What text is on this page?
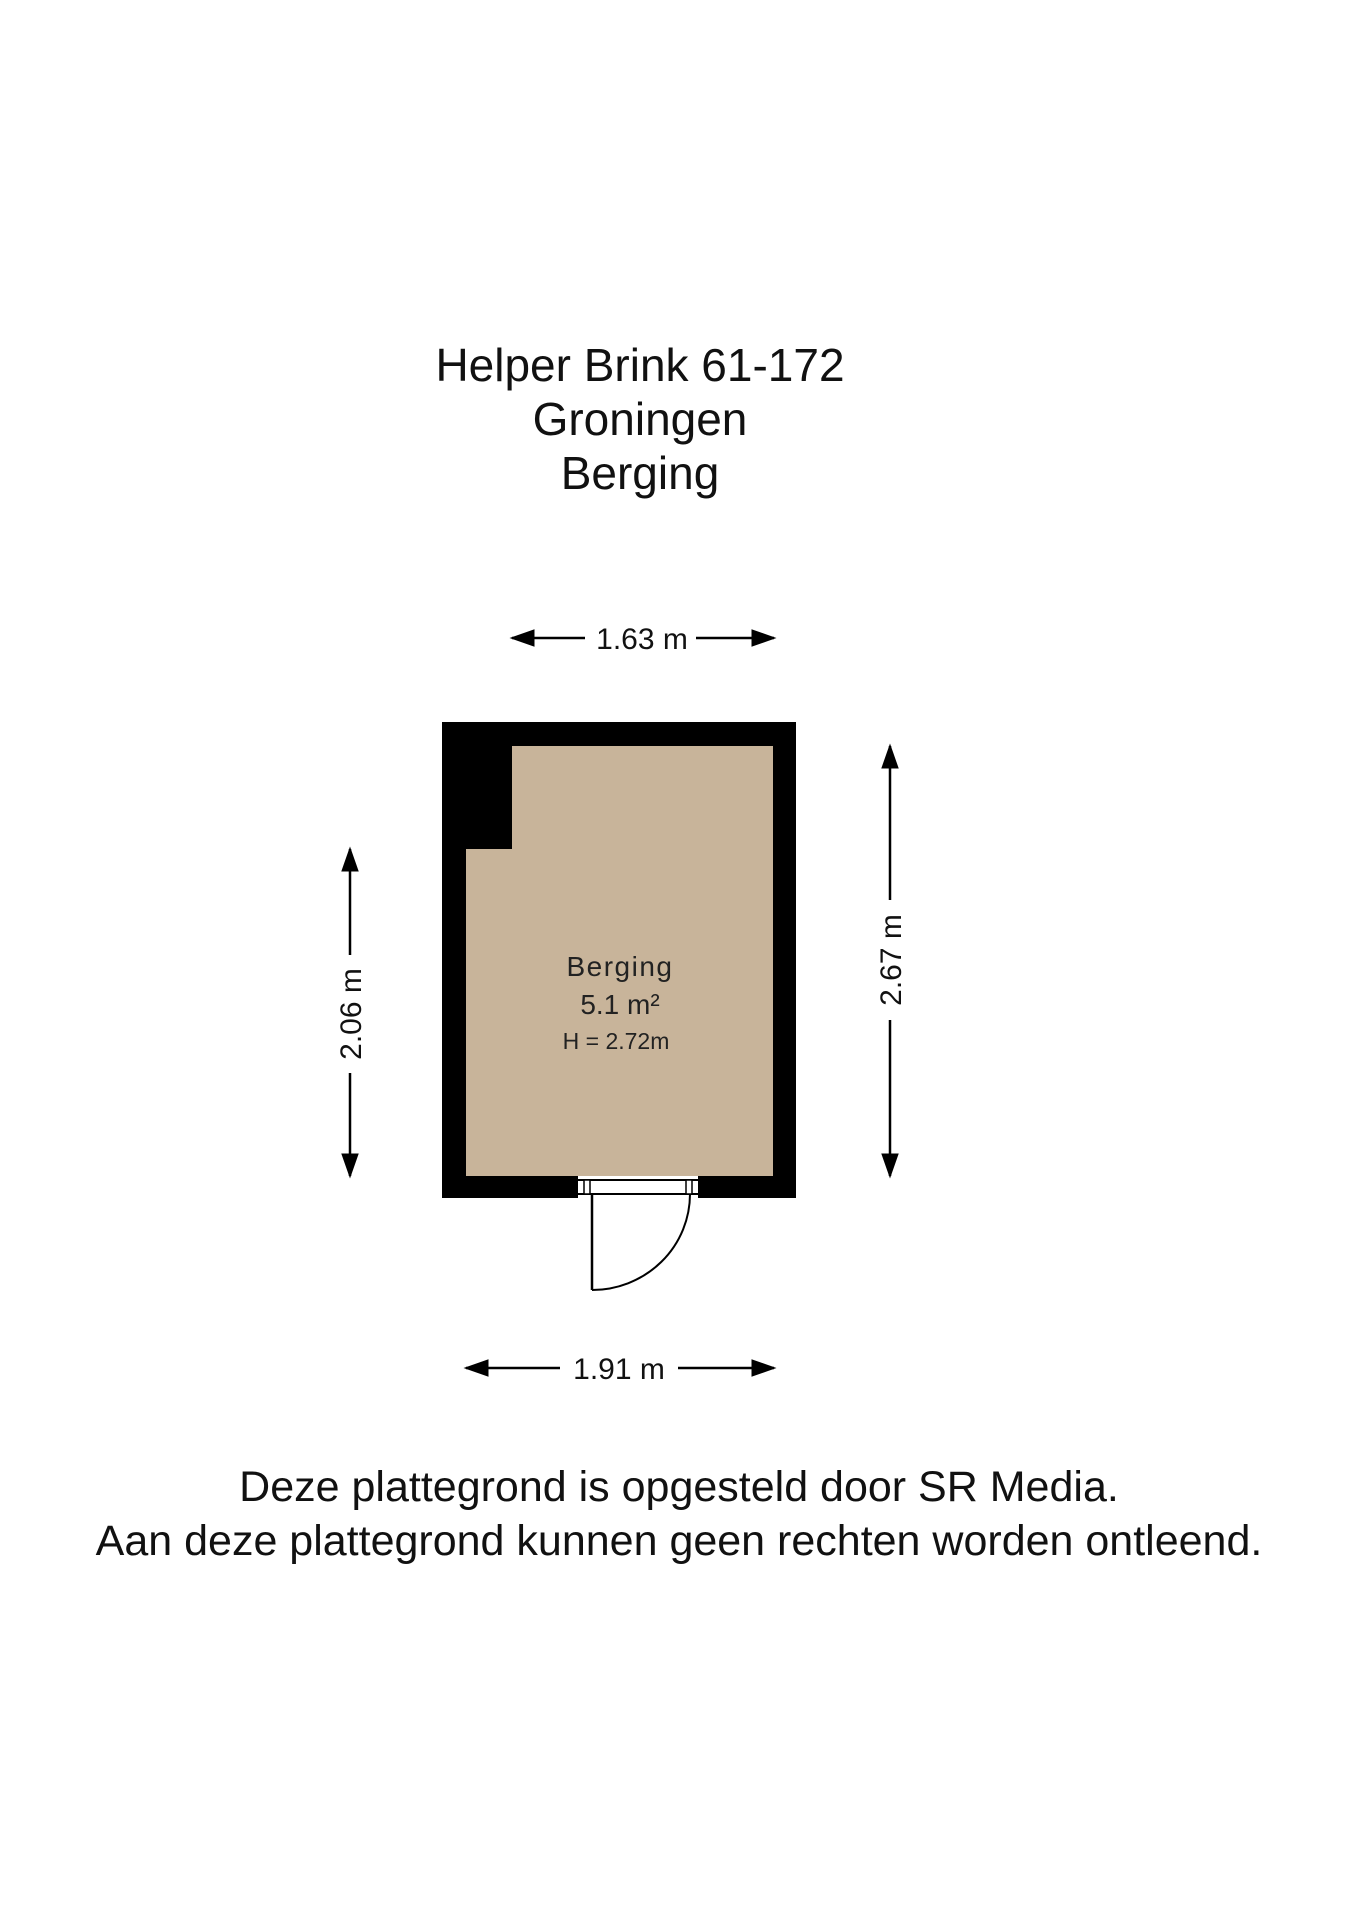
Helper Brink 61-172
Groningen
Berging
1.63 m
1.91 m
2.06 m
2.67 m
Berging
5.1 m²
H = 2.72m
Deze plattegrond is opgesteld door SR Media.
Aan deze plattegrond kunnen geen rechten worden ontleend.
